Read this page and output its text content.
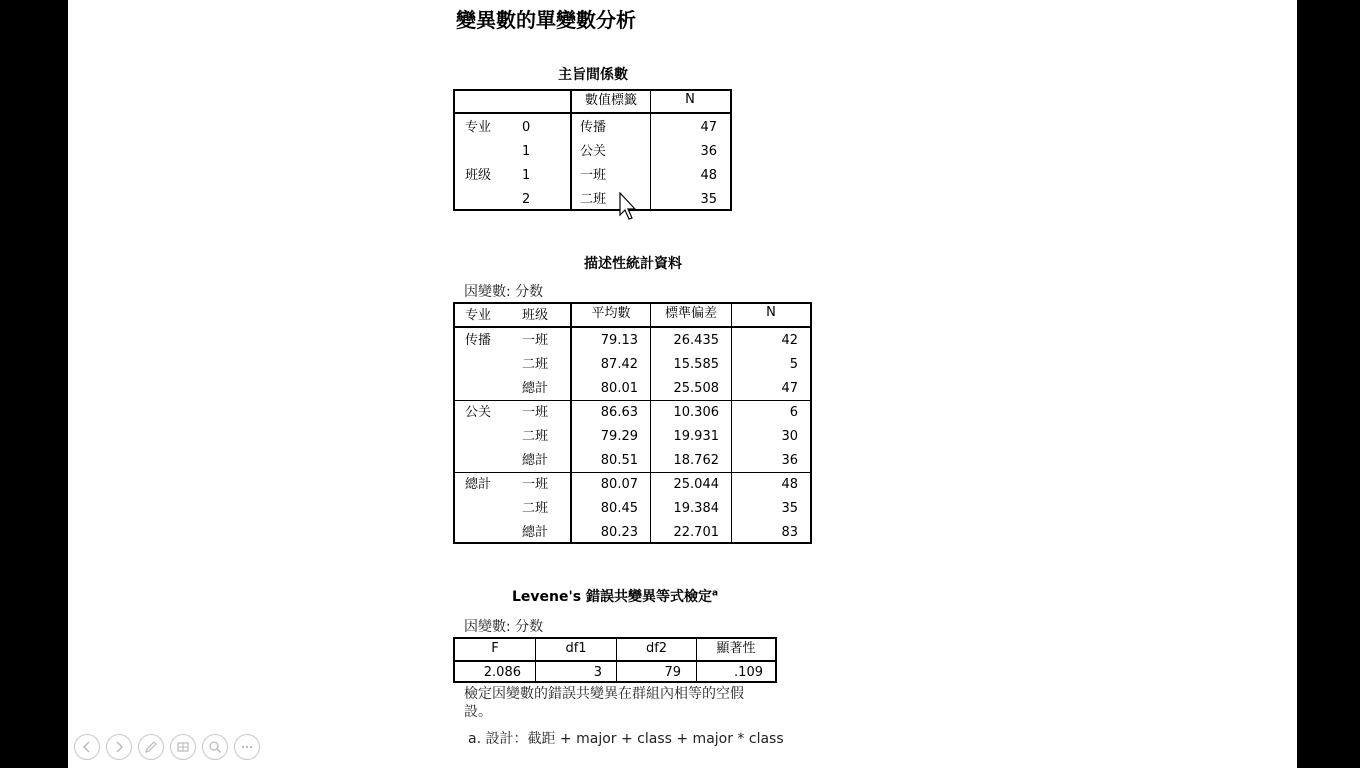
變異數的單變數分析
主旨間係數
數值標籤	N
专业 0	传播	47
1	公关	36
班级 1	一班	48
2	二班	35
描述性統計資料
因變數: 分数
专业 班级	平均數	標準偏差	N
传播 一班	79.13	26.435	42
二班	87.42	15.585	5
總計	80.01	25.508	47
公关 一班	86.63	10.306	6
二班	79.29	19.931	30
總計	80.51	18.762	36
總計 一班	80.07	25.044	48
二班	80.45	19.384	35
總計	80.23	22.701	83
Levene's 錯誤共變異等式檢定$^a$
因變數: 分数
F	df1	df2	顯著性
2.086	3	79	.109
檢定因變數的錯誤共變異在群組內相等的空假設。
a. 設計：截距 + major + class + major * class
